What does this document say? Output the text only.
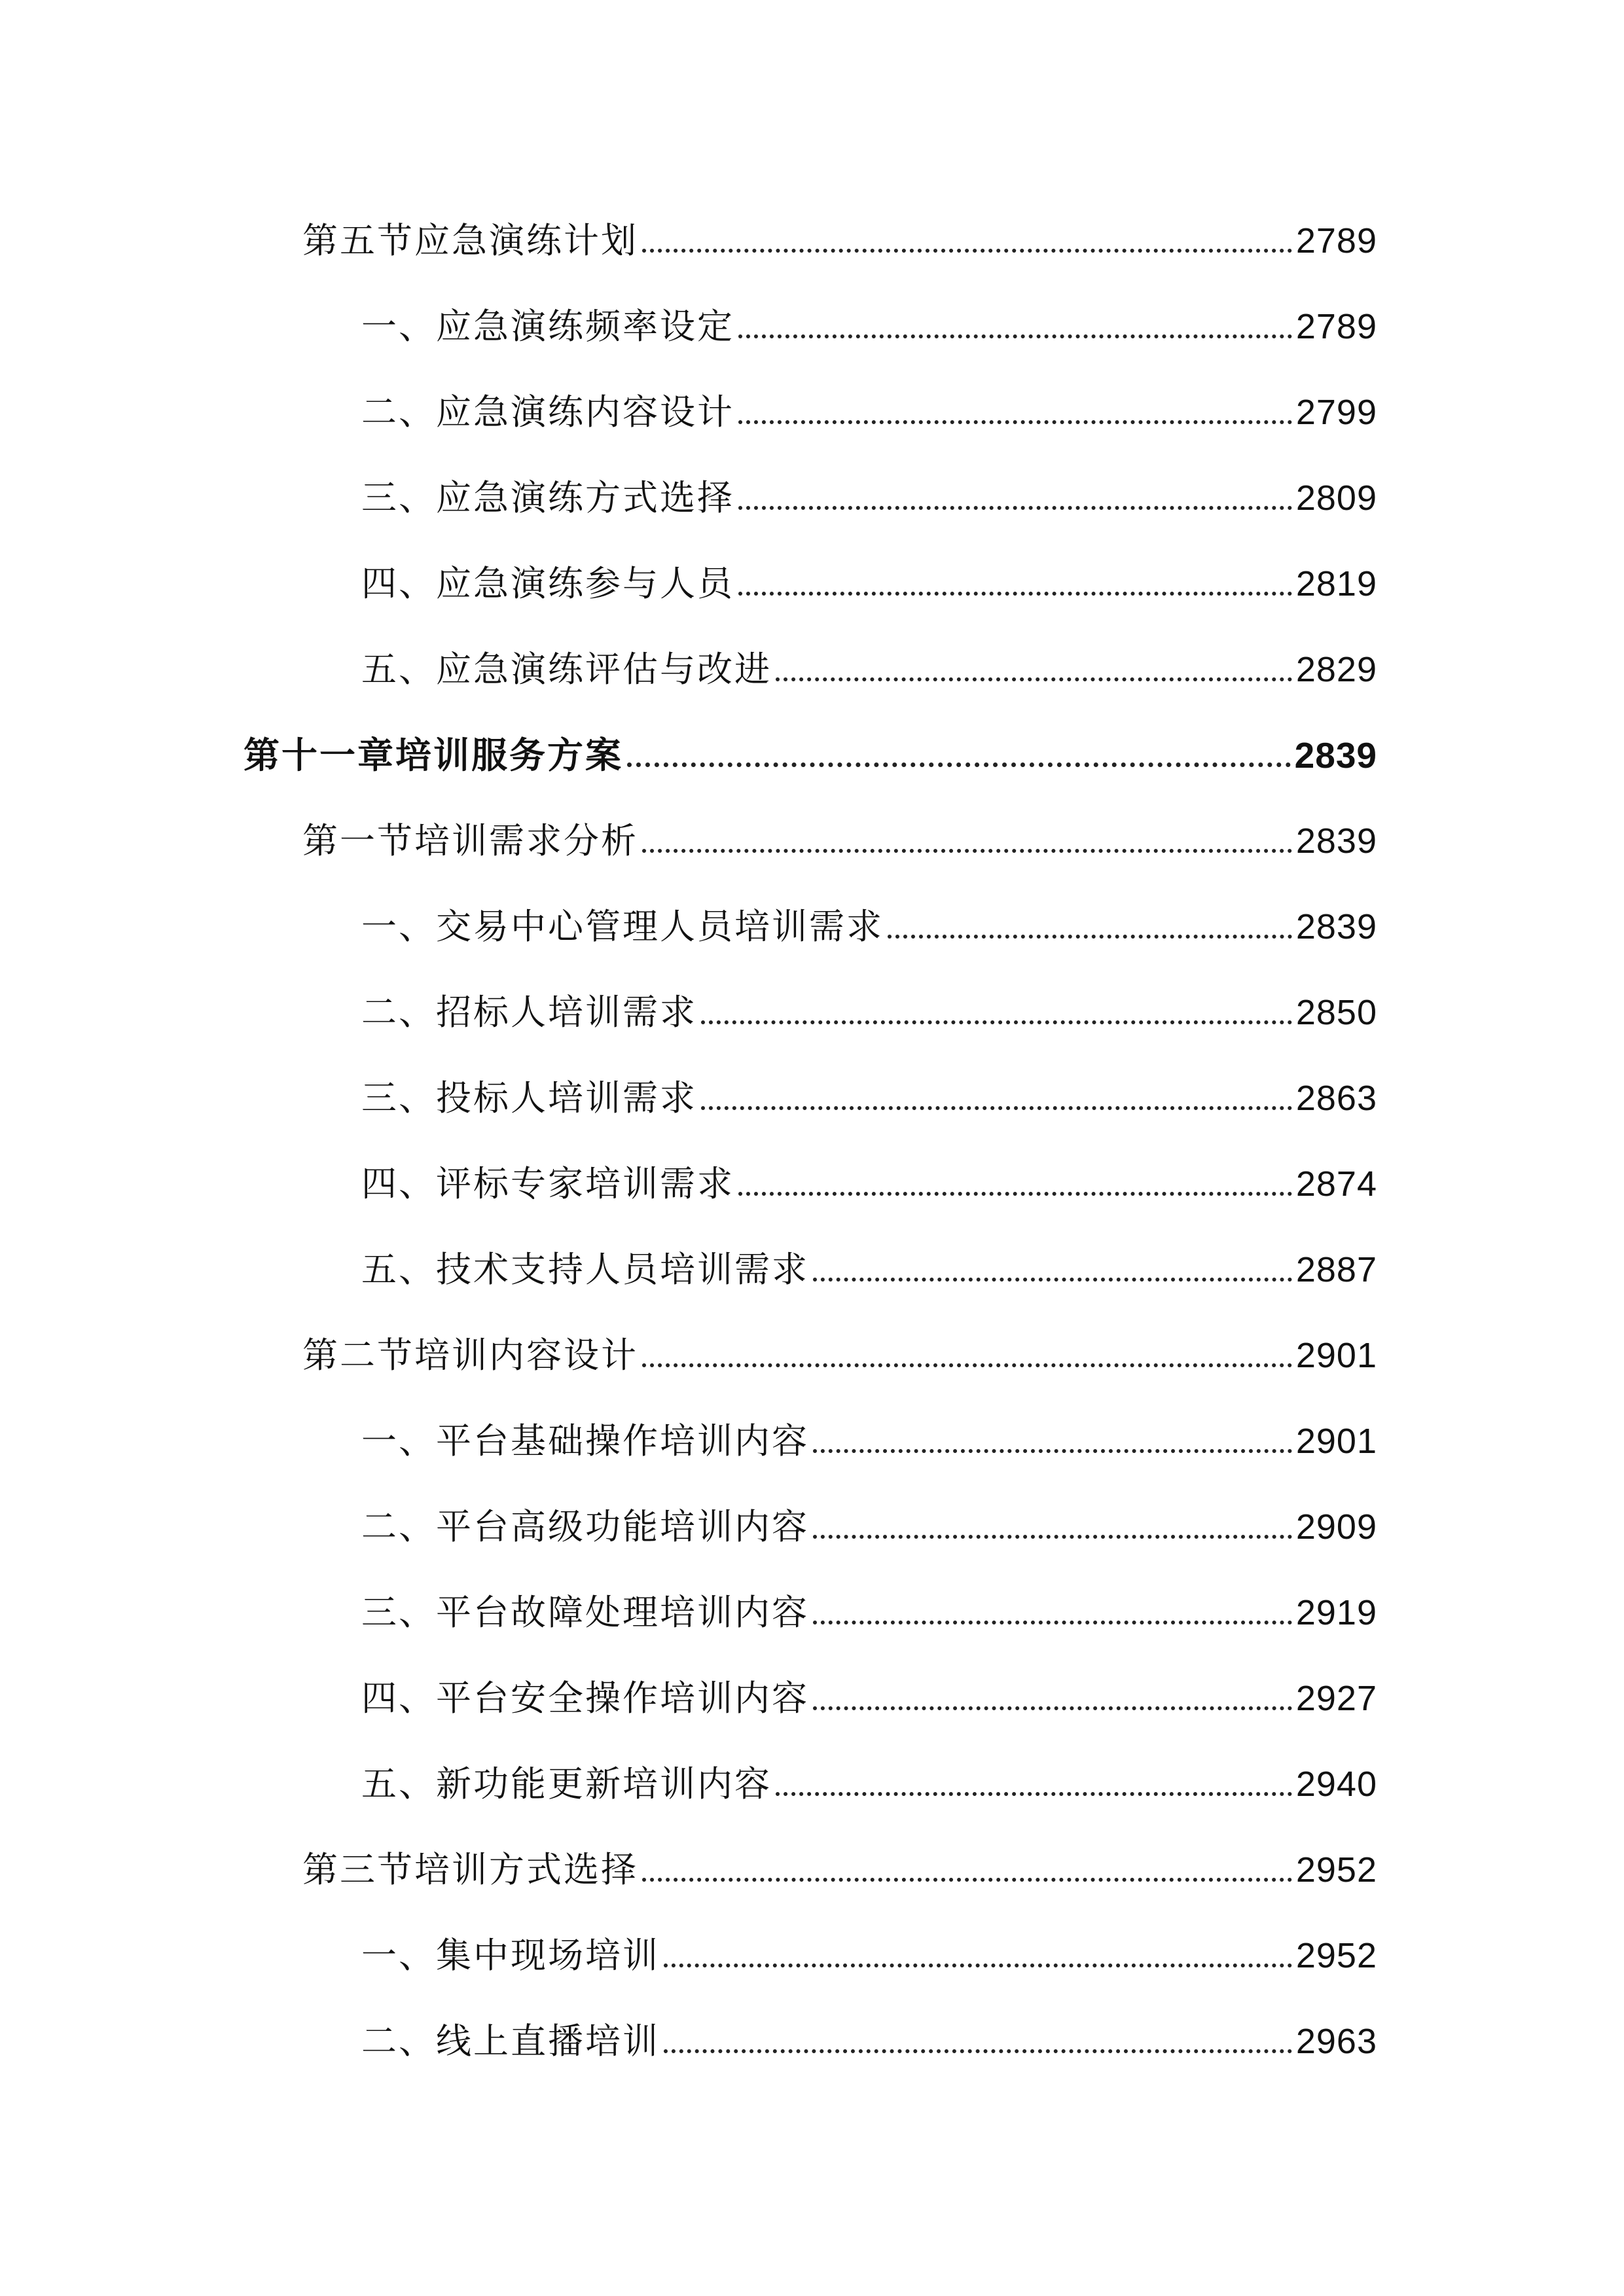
第五节应急演练计划	2789
一、应急演练频率设定	2789
二、应急演练内容设计	2799
三、应急演练方式选择	2809
四、应急演练参与人员	2819
五、应急演练评估与改进	2829
第十一章培训服务方案	2839
第一节培训需求分析	2839
一、交易中心管理人员培训需求	2839
二、招标人培训需求	2850
三、投标人培训需求	2863
四、评标专家培训需求	2874
五、技术支持人员培训需求	2887
第二节培训内容设计	2901
一、平台基础操作培训内容	2901
二、平台高级功能培训内容	2909
三、平台故障处理培训内容	2919
四、平台安全操作培训内容	2927
五、新功能更新培训内容	2940
第三节培训方式选择	2952
一、集中现场培训	2952
二、线上直播培训	2963
